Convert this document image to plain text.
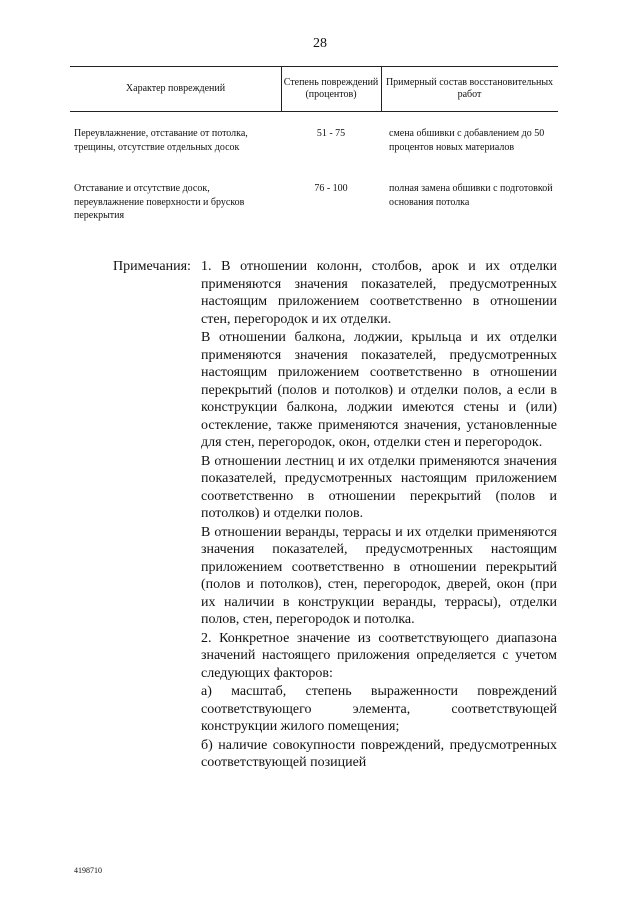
28
Характер повреждений
Степень повреждений (процентов)
Примерный состав восстановительных работ
Переувлажнение, отставание от потолка, трещины, отсутствие отдельных досок
51 - 75	смена обшивки с добавлением до 50 процентов новых материалов
Отставание и отсутствие досок, переувлажнение поверхности и брусков перекрытия
76 - 100	полная замена обшивки с подготовкой основания потолка
Примечания: 1. В отношении колонн, столбов, арок и их отделки применяются значения показателей, предусмотренных настоящим приложением соответственно в отношении стен, перегородок и их отделки.

В отношении балкона, лоджии, крыльца и их отделки применяются значения показателей, предусмотренных настоящим приложением соответственно в отношении перекрытий (полов и потолков) и отделки полов, а если в конструкции балкона, лоджии имеются стены и (или) остекление, также применяются значения, установленные для стен, перегородок, окон, отделки стен и перегородок.

В отношении лестниц и их отделки применяются значения показателей, предусмотренных настоящим приложением соответственно в отношении перекрытий (полов и потолков) и отделки полов.

В отношении веранды, террасы и их отделки применяются значения показателей, предусмотренных настоящим приложением соответственно в отношении перекрытий (полов и потолков), стен, перегородок, дверей, окон (при их наличии в конструкции веранды, террасы), отделки полов, стен, перегородок и потолка.

2. Конкретное значение из соответствующего диапазона значений настоящего приложения определяется с учетом следующих факторов:

а) масштаб, степень выраженности повреждений соответствующего элемента, соответствующей конструкции жилого помещения;

б) наличие совокупности повреждений, предусмотренных соответствующей позицией

4198710
